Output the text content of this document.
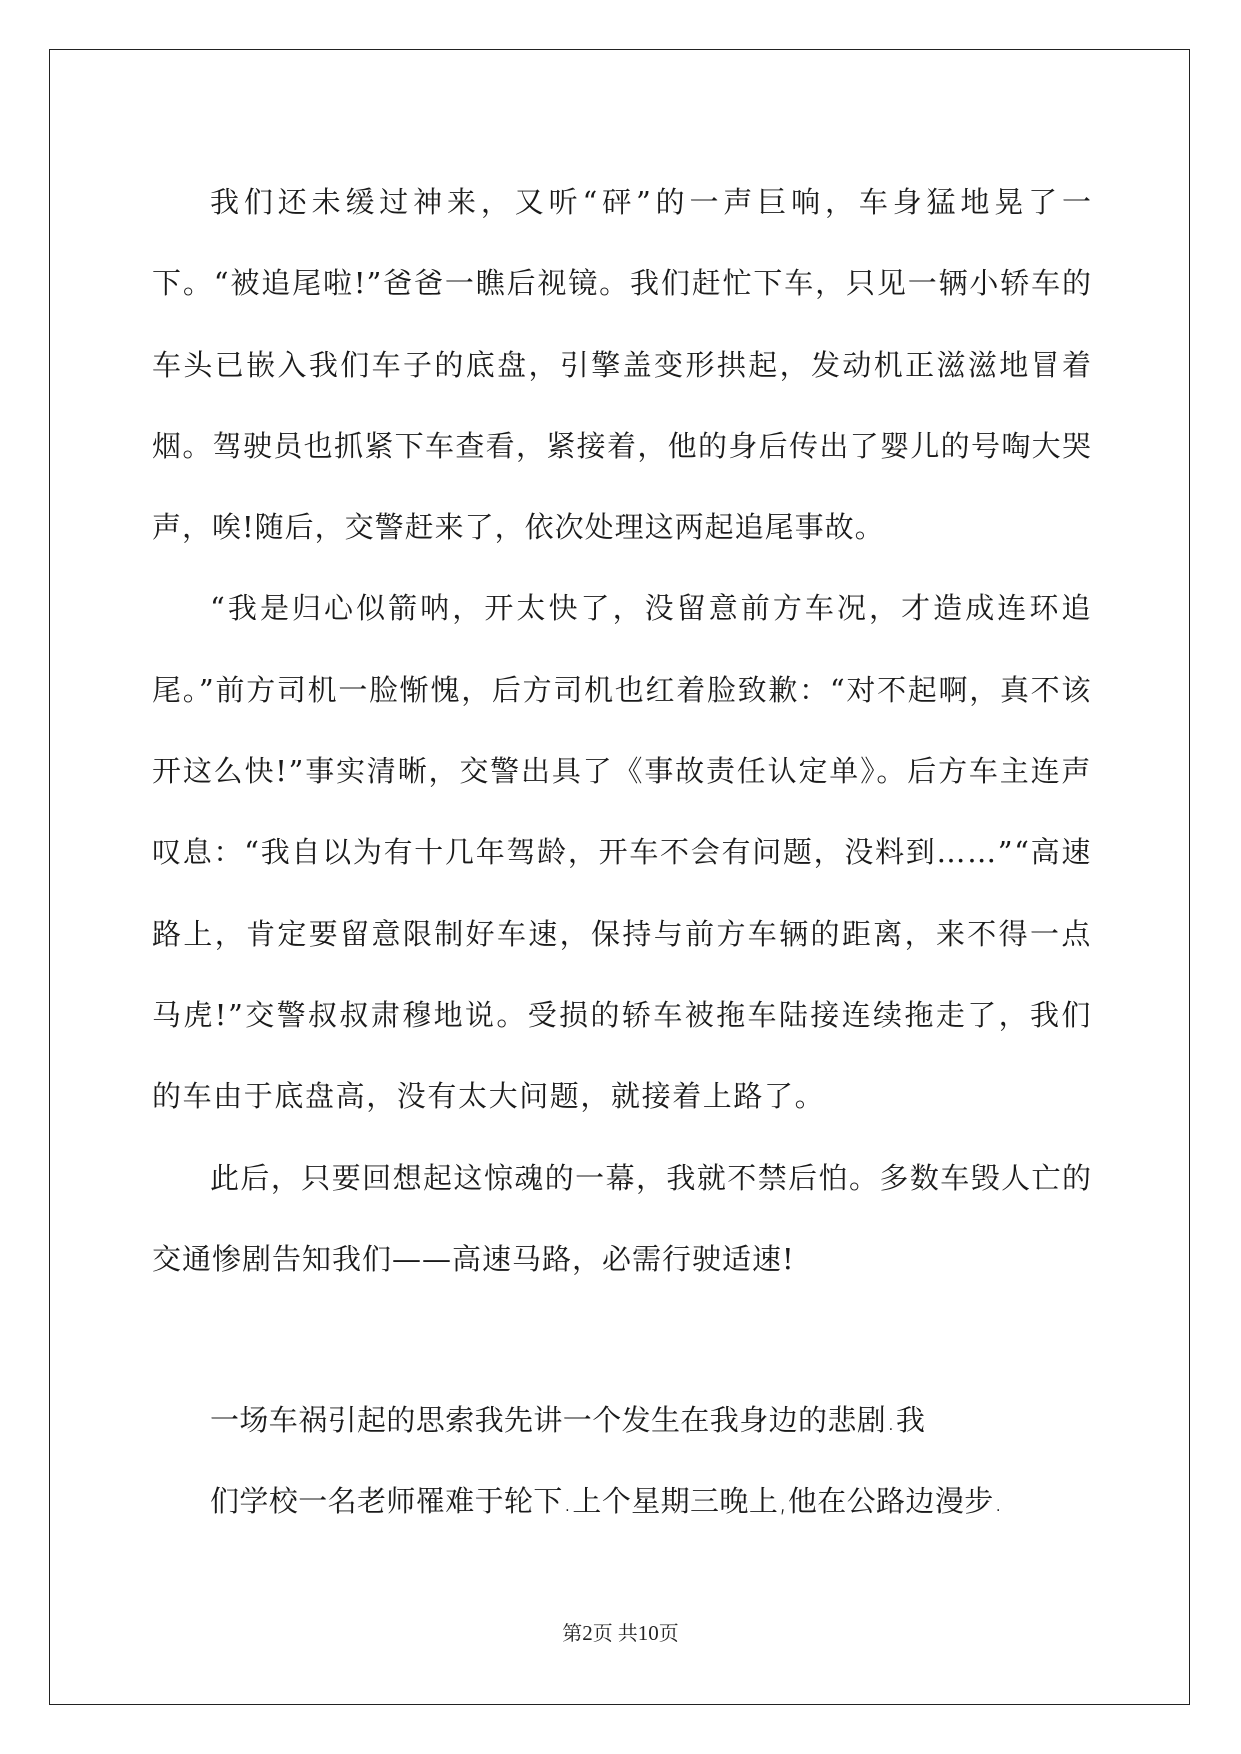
我们还未缓过神来，又听“砰”的一声巨响，车身猛地晃了一下。“被追尾啦!”爸爸一瞧后视镜。我们赶忙下车，只见一辆小轿车的车头已嵌入我们车子的底盘，引擎盖变形拱起，发动机正滋滋地冒着烟。驾驶员也抓紧下车查看，紧接着，他的身后传出了婴儿的号啕大哭声，唉!随后，交警赶来了，依次处理这两起追尾事故。

“我是归心似箭呐，开太快了，没留意前方车况，才造成连环追尾。”前方司机一脸惭愧，后方司机也红着脸致歉：“对不起啊，真不该开这么快!”事实清晰，交警出具了《事故责任认定单》。后方车主连声叹息：“我自以为有十几年驾龄，开车不会有问题，没料到……”“高速路上，肯定要留意限制好车速，保持与前方车辆的距离，来不得一点马虎!”交警叔叔肃穆地说。受损的轿车被拖车陆接连续拖走了，我们的车由于底盘高，没有太大问题，就接着上路了。

此后，只要回想起这惊魂的一幕，我就不禁后怕。多数车毁人亡的交通惨剧告知我们——高速马路，必需行驶适速!

一场车祸引起的思索我先讲一个发生在我身边的悲剧.我

们学校一名老师罹难于轮下.上个星期三晚上,他在公路边漫步.

第2页 共10页
